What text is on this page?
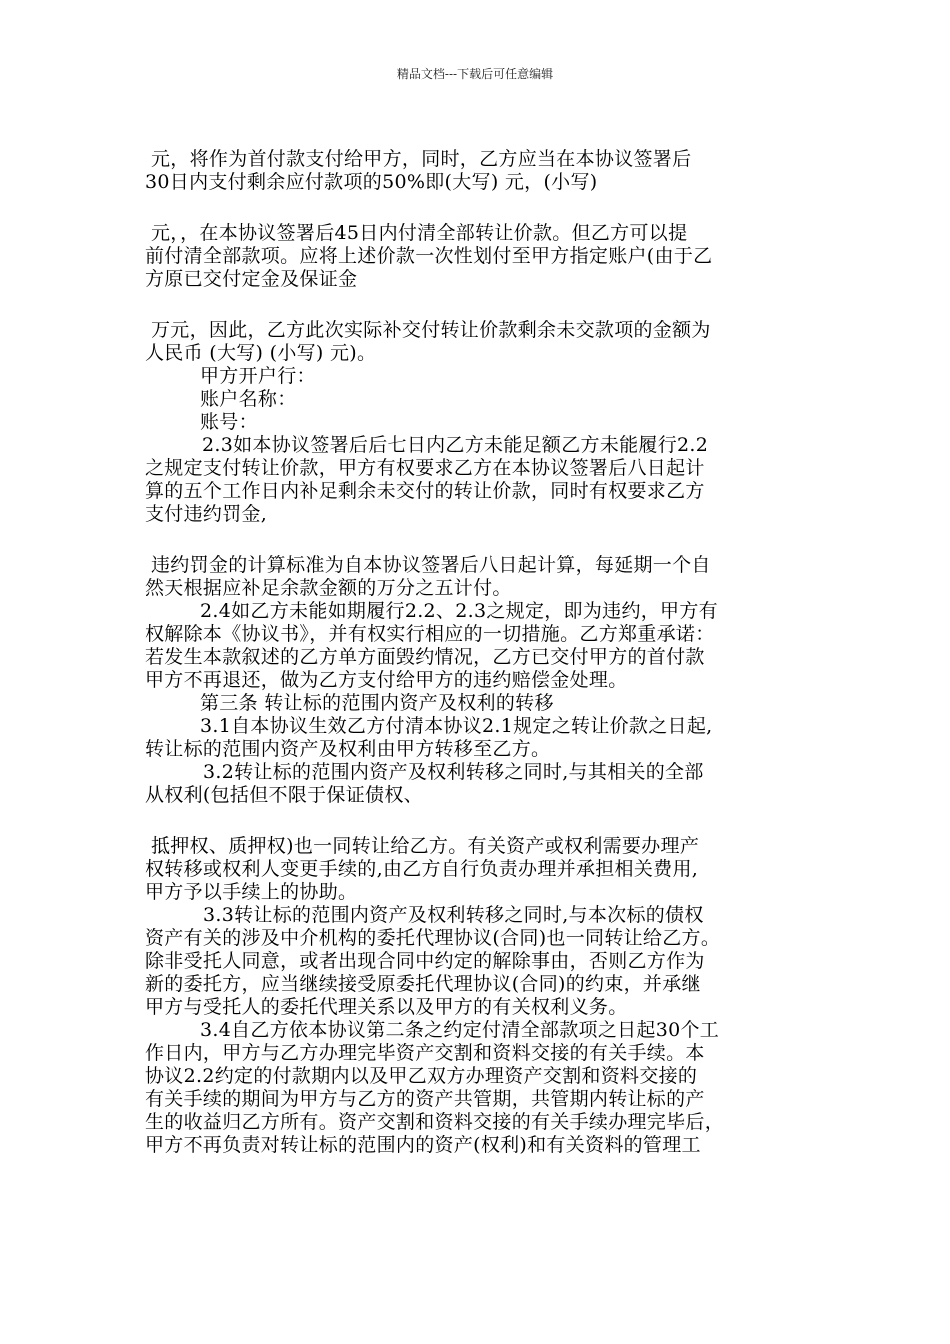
精品文档---下载后可任意编辑

元，将作为首付款支付给甲方，同时，乙方应当在本协议签署后

30日内支付剩余应付款项的50%即(大写) 元，(小写)

元，，在本协议签署后45日内付清全部转让价款。但乙方可以提

前付清全部款项。应将上述价款一次性划付至甲方指定账户(由于乙

方原已交付定金及保证金

万元，因此，乙方此次实际补交付转让价款剩余未交款项的金额为

人民币 (大写) (小写) 元)。

甲方开户行：

账户名称：

账号：

2.3如本协议签署后后七日内乙方未能足额乙方未能履行2.2

之规定支付转让价款，甲方有权要求乙方在本协议签署后八日起计

算的五个工作日内补足剩余未交付的转让价款，同时有权要求乙方

支付违约罚金,

违约罚金的计算标准为自本协议签署后八日起计算，每延期一个自

然天根据应补足余款金额的万分之五计付。

2.4如乙方未能如期履行2.2、2.3之规定，即为违约，甲方有

权解除本《协议书》，并有权实行相应的一切措施。乙方郑重承诺：

若发生本款叙述的乙方单方面毁约情况，乙方已交付甲方的首付款

甲方不再退还，做为乙方支付给甲方的违约赔偿金处理。

第三条 转让标的范围内资产及权利的转移

3.1自本协议生效乙方付清本协议2.1规定之转让价款之日起,

转让标的范围内资产及权利由甲方转移至乙方。

3.2转让标的范围内资产及权利转移之同时,与其相关的全部

从权利(包括但不限于保证债权、

抵押权、质押权)也一同转让给乙方。有关资产或权利需要办理产

权转移或权利人变更手续的,由乙方自行负责办理并承担相关费用,

甲方予以手续上的协助。

3.3转让标的范围内资产及权利转移之同时,与本次标的债权

资产有关的涉及中介机构的委托代理协议(合同)也一同转让给乙方。

除非受托人同意，或者出现合同中约定的解除事由，否则乙方作为

新的委托方，应当继续接受原委托代理协议(合同)的约束，并承继

甲方与受托人的委托代理关系以及甲方的有关权利义务。

3.4自乙方依本协议第二条之约定付清全部款项之日起30个工

作日内，甲方与乙方办理完毕资产交割和资料交接的有关手续。本

协议2.2约定的付款期内以及甲乙双方办理资产交割和资料交接的

有关手续的期间为甲方与乙方的资产共管期，共管期内转让标的产

生的收益归乙方所有。资产交割和资料交接的有关手续办理完毕后，

甲方不再负责对转让标的范围内的资产(权利)和有关资料的管理工
